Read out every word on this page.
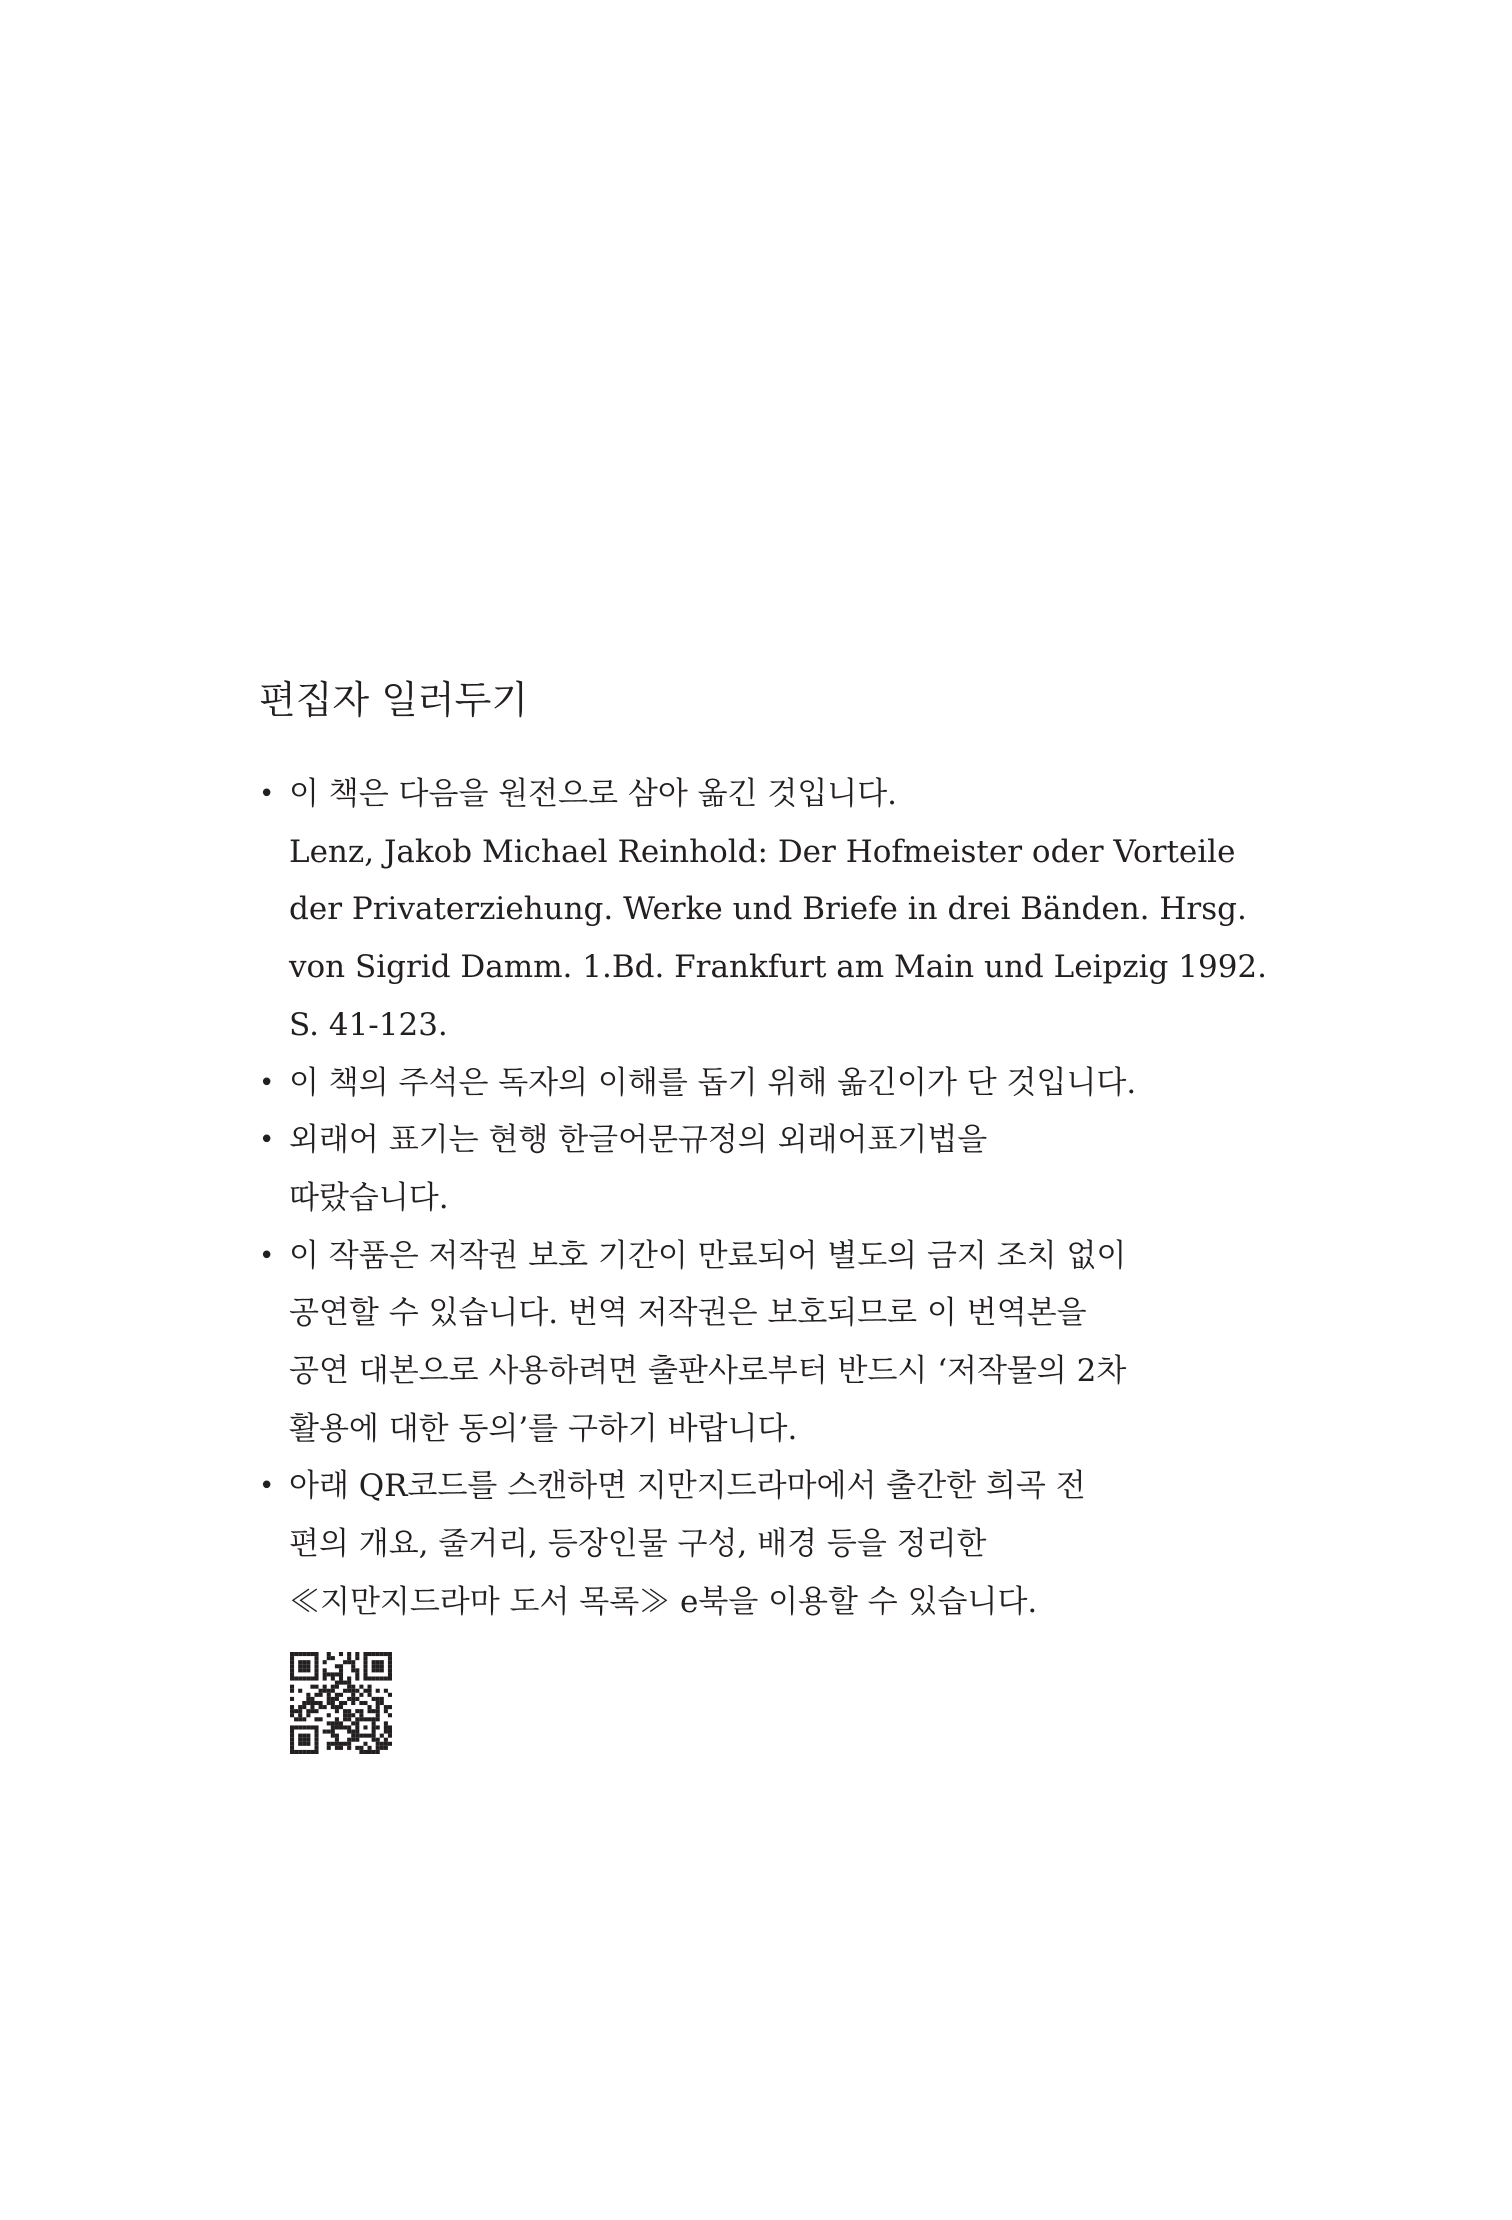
편집자 일러두기
• 이 책은 다음을 원전으로 삼아 옮긴 것입니다.
Lenz, Jakob Michael Reinhold: Der Hofmeister oder Vorteile
der Privaterziehung. Werke und Briefe in drei Bänden. Hrsg.
von Sigrid Damm. 1.Bd. Frankfurt am Main und Leipzig 1992.
S. 41-123.
• 이 책의 주석은 독자의 이해를 돕기 위해 옮긴이가 단 것입니다.
• 외래어 표기는 현행 한글어문규정의 외래어표기법을
따랐습니다.
• 이 작품은 저작권 보호 기간이 만료되어 별도의 금지 조치 없이
공연할 수 있습니다. 번역 저작권은 보호되므로 이 번역본을
공연 대본으로 사용하려면 출판사로부터 반드시 ‘저작물의 2차
활용에 대한 동의’를 구하기 바랍니다.
• 아래 QR코드를 스캔하면 지만지드라마에서 출간한 희곡 전
편의 개요, 줄거리, 등장인물 구성, 배경 등을 정리한
≪지만지드라마 도서 목록≫ e북을 이용할 수 있습니다.
